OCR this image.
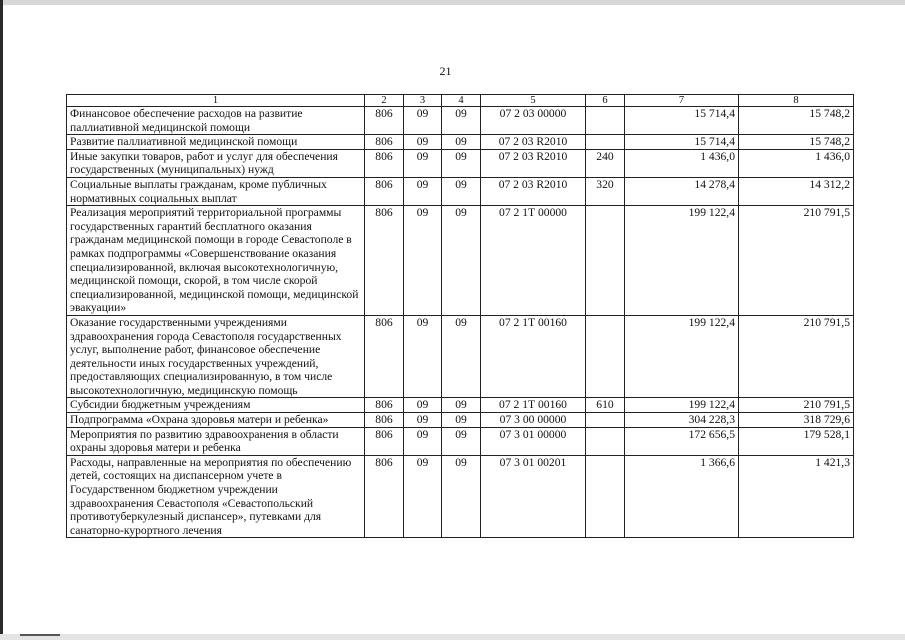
21
1	2	3	4	5	6	7	8
Финансовое обеспечение расходов на развитие паллиативной медицинской помощи	806	09	09	07 2 03 00000		15 714,4	15 748,2
Развитие паллиативной медицинской помощи	806	09	09	07 2 03 R2010		15 714,4	15 748,2
Иные закупки товаров, работ и услуг для обеспечения государственных (муниципальных) нужд	806	09	09	07 2 03 R2010	240	1 436,0	1 436,0
Социальные выплаты гражданам, кроме публичных нормативных социальных выплат	806	09	09	07 2 03 R2010	320	14 278,4	14 312,2
Реализация мероприятий территориальной программы государственных гарантий бесплатного оказания гражданам медицинской помощи в городе Севастополе в рамках подпрограммы «Совершенствование оказания специализированной, включая высокотехнологичную, медицинской помощи, скорой, в том числе скорой специализированной, медицинской помощи, медицинской эвакуации»	806	09	09	07 2 1Т 00000		199 122,4	210 791,5
Оказание государственными учреждениями здравоохранения города Севастополя государственных услуг, выполнение работ, финансовое обеспечение деятельности иных государственных учреждений, предоставляющих специализированную, в том числе высокотехнологичную, медицинскую помощь	806	09	09	07 2 1Т 00160		199 122,4	210 791,5
Субсидии бюджетным учреждениям	806	09	09	07 2 1Т 00160	610	199 122,4	210 791,5
Подпрограмма «Охрана здоровья матери и ребенка»	806	09	09	07 3 00 00000		304 228,3	318 729,6
Мероприятия по развитию здравоохранения в области охраны здоровья матери и ребенка	806	09	09	07 3 01 00000		172 656,5	179 528,1
Расходы, направленные на мероприятия по обеспечению детей, состоящих на диспансерном учете в Государственном бюджетном учреждении здравоохранения Севастополя «Севастопольский противотуберкулезный диспансер», путевками для санаторно-курортного лечения	806	09	09	07 3 01 00201		1 366,6	1 421,3
